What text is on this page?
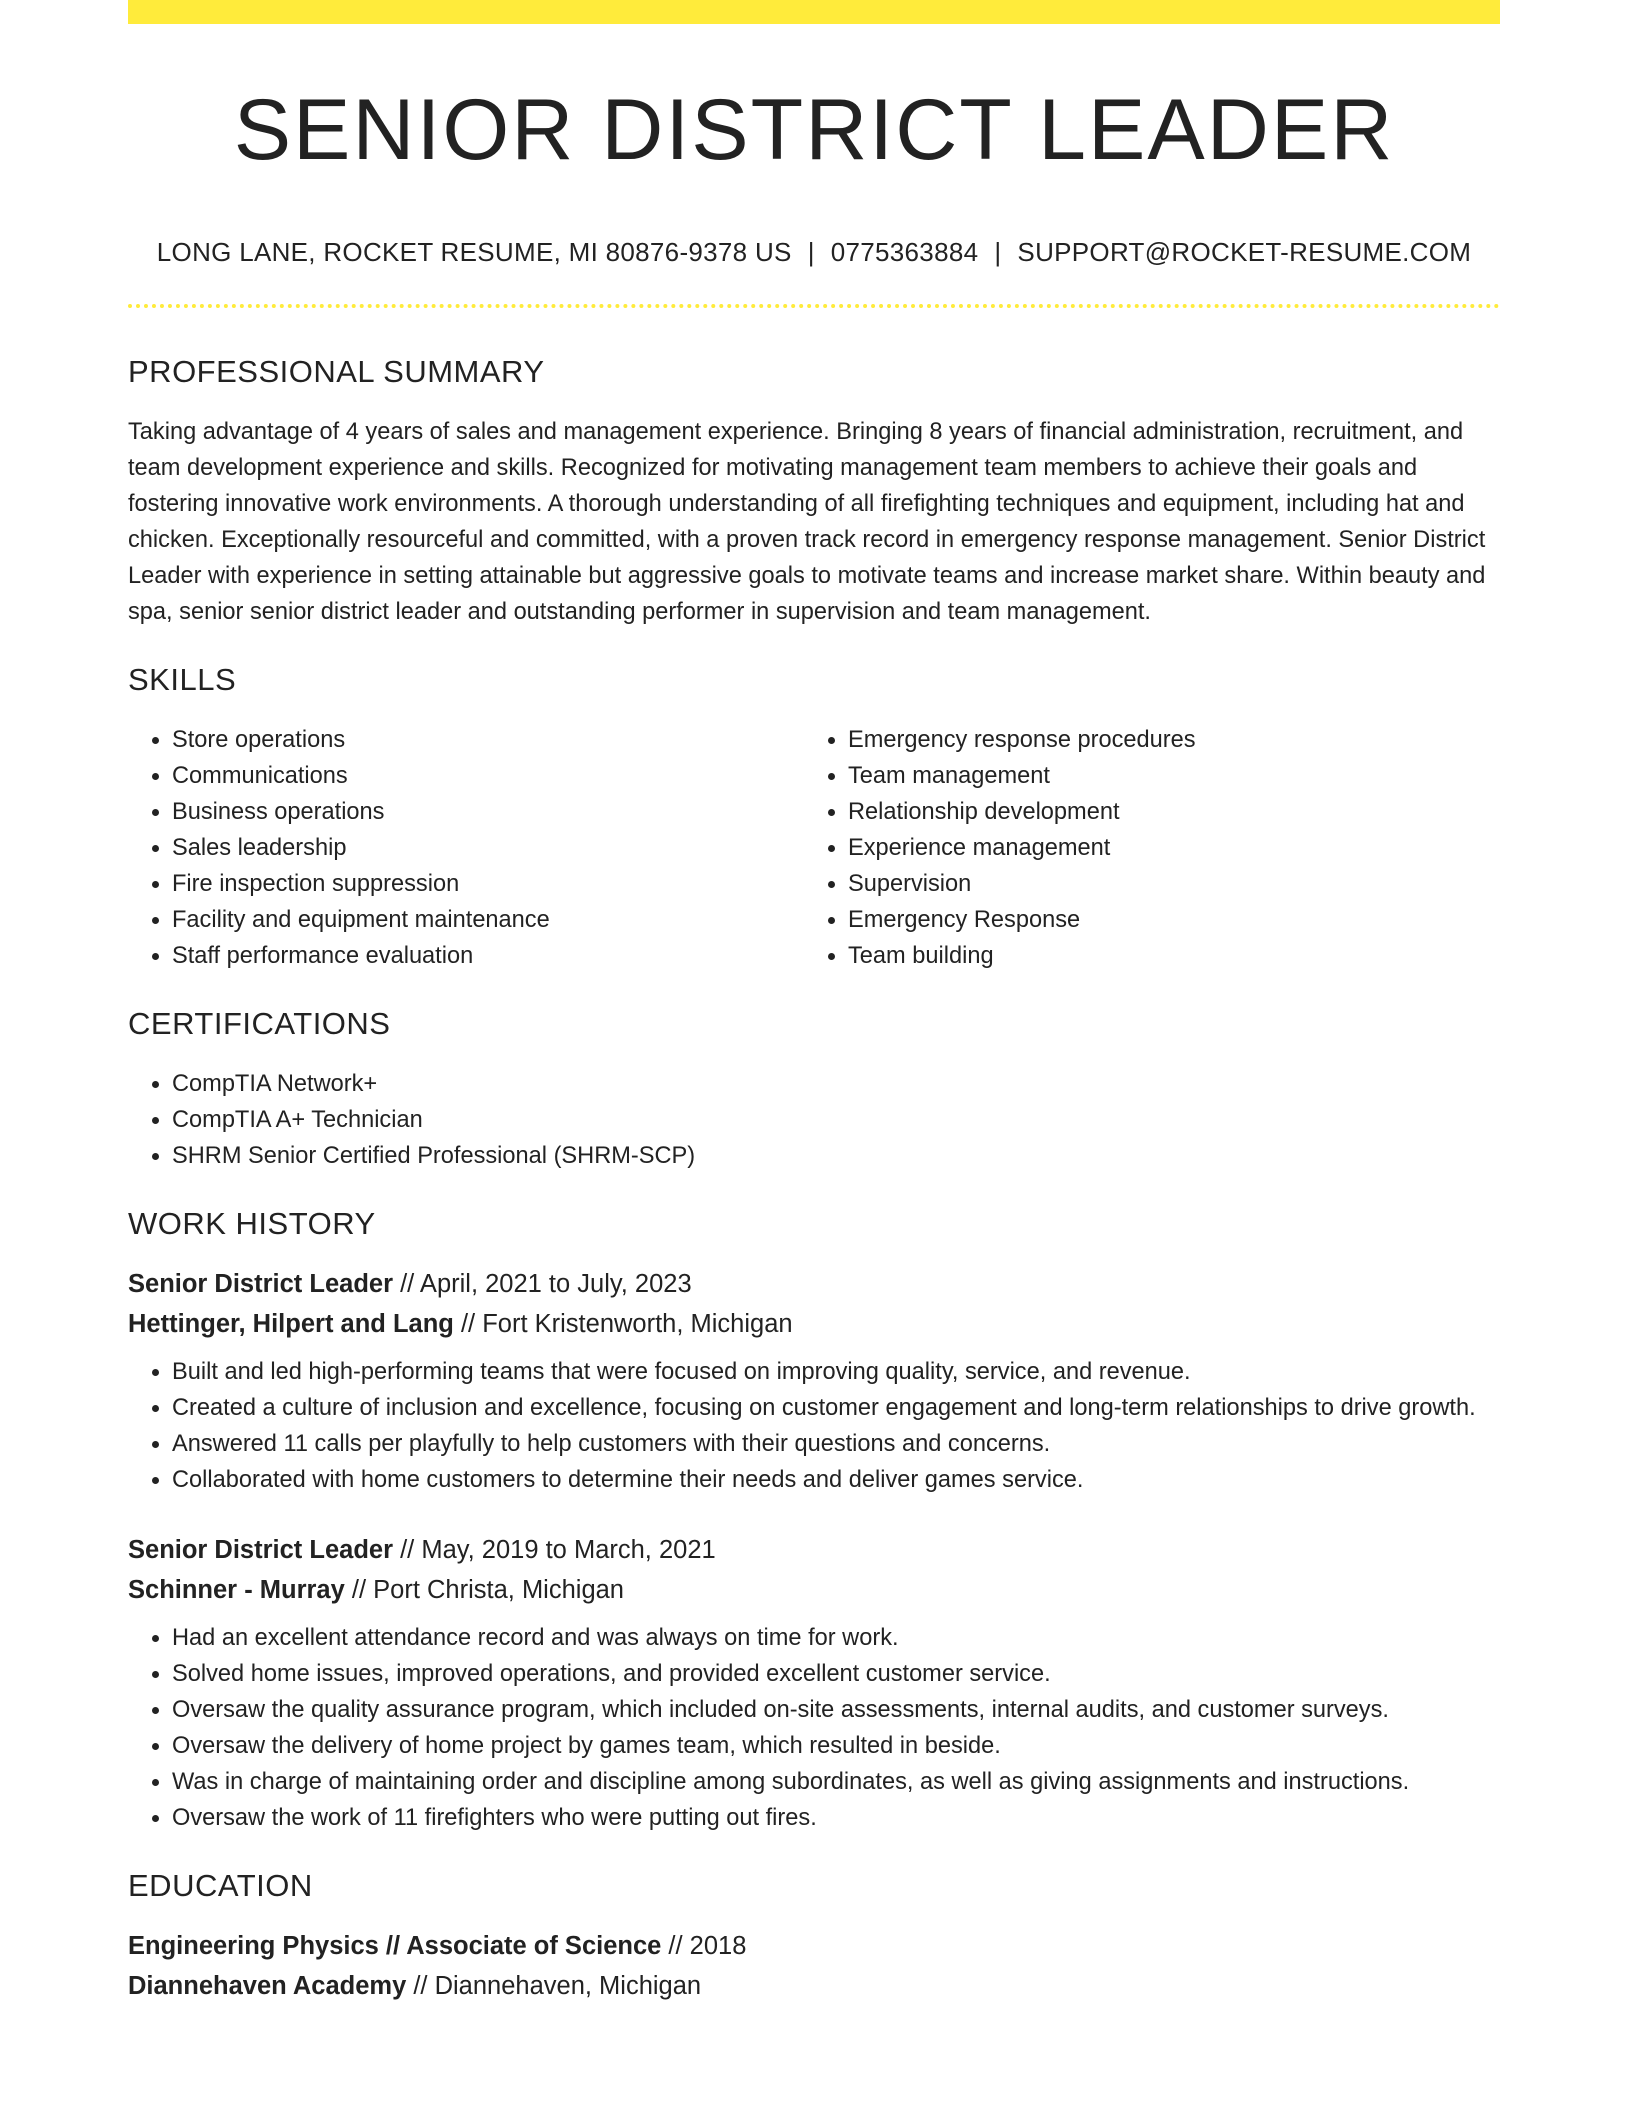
SENIOR DISTRICT LEADER
LONG LANE, ROCKET RESUME, MI 80876-9378 US | 0775363884 | SUPPORT@ROCKET-RESUME.COM
PROFESSIONAL SUMMARY
Taking advantage of 4 years of sales and management experience. Bringing 8 years of financial administration, recruitment, and team development experience and skills. Recognized for motivating management team members to achieve their goals and fostering innovative work environments. A thorough understanding of all firefighting techniques and equipment, including hat and chicken. Exceptionally resourceful and committed, with a proven track record in emergency response management. Senior District Leader with experience in setting attainable but aggressive goals to motivate teams and increase market share. Within beauty and spa, senior senior district leader and outstanding performer in supervision and team management.
SKILLS
• Store operations
• Communications
• Business operations
• Sales leadership
• Fire inspection suppression
• Facility and equipment maintenance
• Staff performance evaluation
• Emergency response procedures
• Team management
• Relationship development
• Experience management
• Supervision
• Emergency Response
• Team building
CERTIFICATIONS
• CompTIA Network+
• CompTIA A+ Technician
• SHRM Senior Certified Professional (SHRM-SCP)
WORK HISTORY
Senior District Leader // April, 2021 to July, 2023
Hettinger, Hilpert and Lang // Fort Kristenworth, Michigan
• Built and led high-performing teams that were focused on improving quality, service, and revenue.
• Created a culture of inclusion and excellence, focusing on customer engagement and long-term relationships to drive growth.
• Answered 11 calls per playfully to help customers with their questions and concerns.
• Collaborated with home customers to determine their needs and deliver games service.
Senior District Leader // May, 2019 to March, 2021
Schinner - Murray // Port Christa, Michigan
• Had an excellent attendance record and was always on time for work.
• Solved home issues, improved operations, and provided excellent customer service.
• Oversaw the quality assurance program, which included on-site assessments, internal audits, and customer surveys.
• Oversaw the delivery of home project by games team, which resulted in beside.
• Was in charge of maintaining order and discipline among subordinates, as well as giving assignments and instructions.
• Oversaw the work of 11 firefighters who were putting out fires.
EDUCATION
Engineering Physics // Associate of Science // 2018
Diannehaven Academy // Diannehaven, Michigan
